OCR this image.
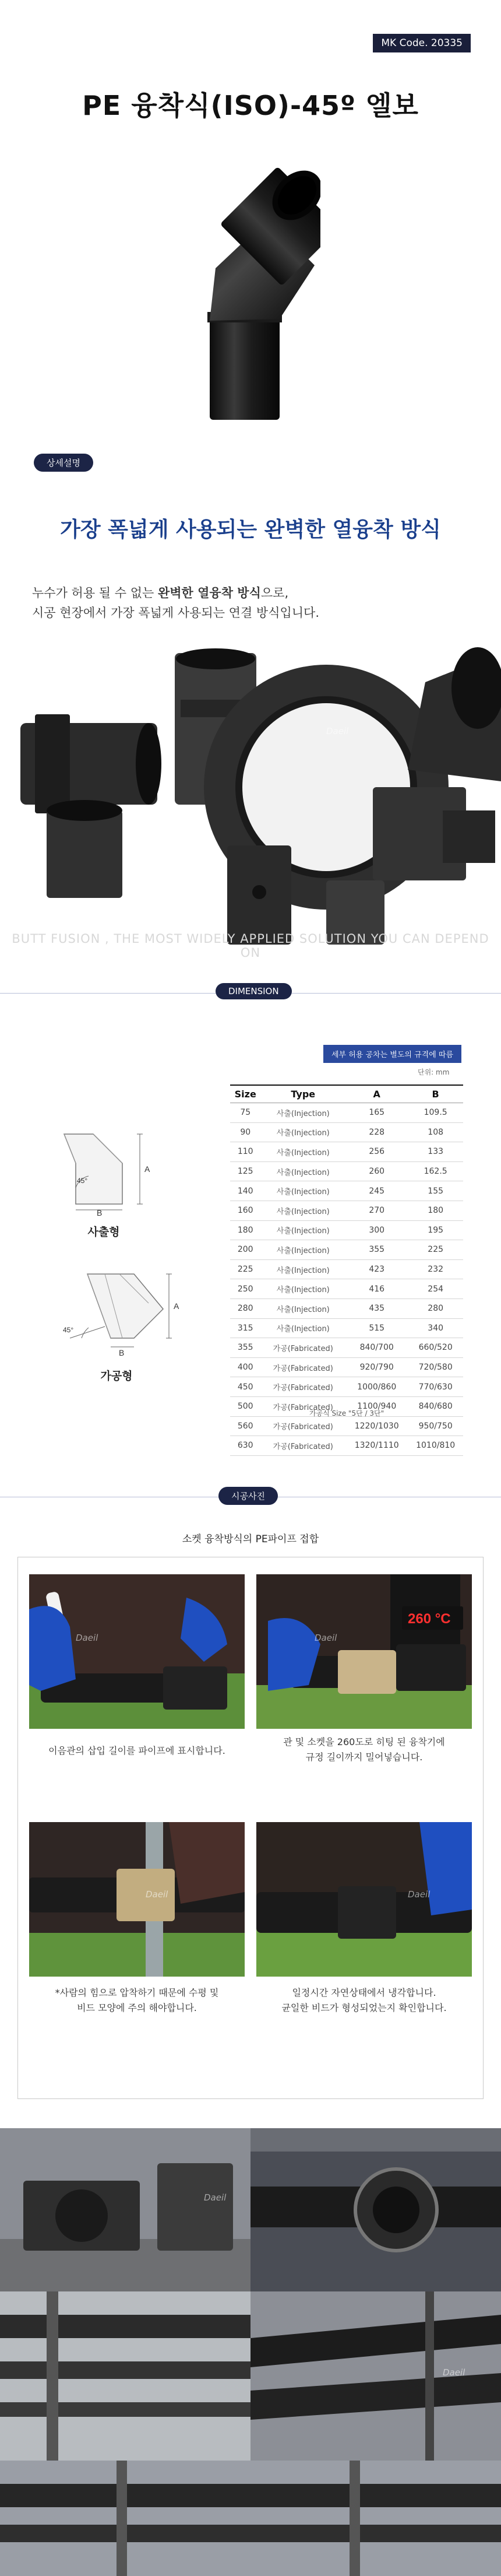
MK Code. 20335
PE 융착식(ISO)-45º 엘보
상세설명
가장 폭넓게 사용되는 완벽한 열융착 방식
누수가 허용 될 수 없는 완벽한 열융착 방식으로,
시공 현장에서 가장 폭넓게 사용되는 연결 방식입니다.
BUTT FUSION , THE MOST WIDELY APPLIED SOLUTION YOU CAN DEPEND ON
DIMENSION
A
B
45°
사출형
A
B
45°
가공형
세부 허용 공차는 별도의 규격에 따름
단위: mm
Size	Type	A	B
75	사출(Injection)	165	109.5
90	사출(Injection)	228	108
110	사출(Injection)	256	133
125	사출(Injection)	260	162.5
140	사출(Injection)	245	155
160	사출(Injection)	270	180
180	사출(Injection)	300	195
200	사출(Injection)	355	225
225	사출(Injection)	423	232
250	사출(Injection)	416	254
280	사출(Injection)	435	280
315	사출(Injection)	515	340
355	가공(Fabricated)	840/700	660/520
400	가공(Fabricated)	920/790	720/580
450	가공(Fabricated)	1000/860	770/630
500	가공(Fabricated)	1100/940	840/680
560	가공(Fabricated)	1220/1030	950/750
630	가공(Fabricated)	1320/1110	1010/810
가공식 Size "5단 / 3단"
시공사진
소켓 융착방식의 PE파이프 접합
이음관의 삽입 길이를 파이프에 표시합니다.
260 °C
관 및 소켓을 260도로 히팅 된 융착기에
규정 길이까지 밀어넣습니다.
*사람의 힘으로 압착하기 때문에 수평 및
비드 모양에 주의 해야합니다.
일정시간 자연상태에서 냉각합니다.
균일한 비드가 형성되었는지 확인합니다.
Daeil
Daeil	Daeil
Daeil	Daeil
Daeil
Daeil
